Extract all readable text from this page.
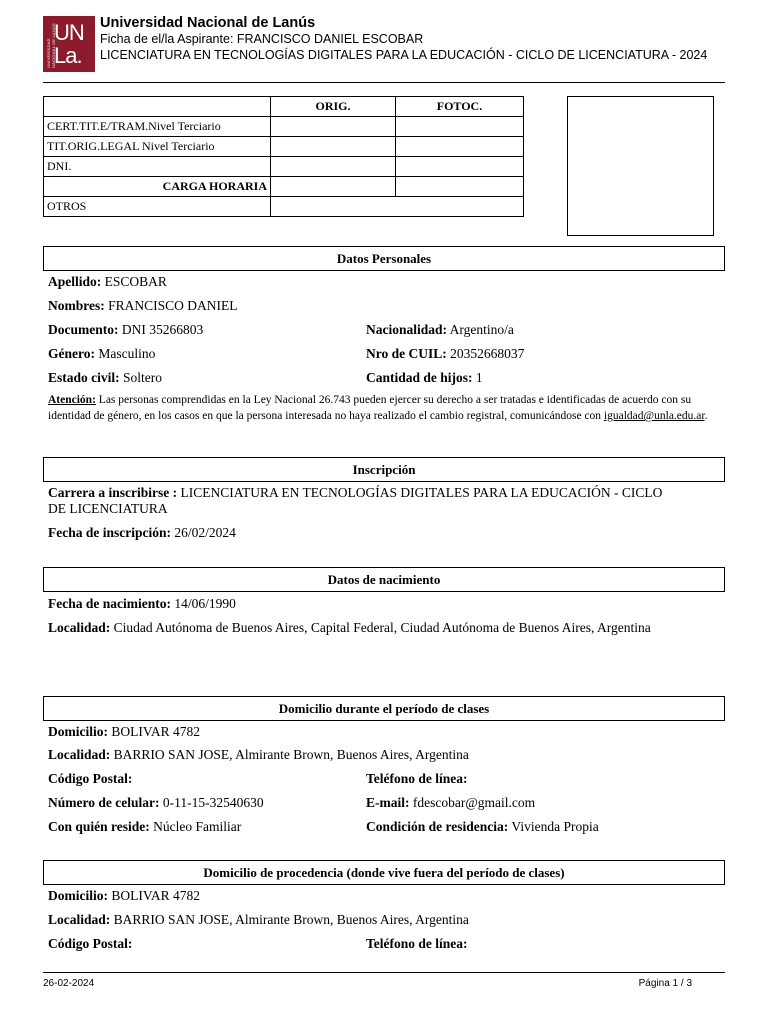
UNIVERSIDAD NACIONAL DE LANÚS
UN
La.
Universidad Nacional de Lanús
Ficha de el/la Aspirante: FRANCISCO DANIEL ESCOBAR
LICENCIATURA EN TECNOLOGÍAS DIGITALES PARA LA EDUCACIÓN - CICLO DE LICENCIATURA - 2024
	ORIG.	FOTOC.
CERT.TIT.E/TRAM.Nivel Terciario		
TIT.ORIG.LEGAL Nivel Terciario		
DNI.		
CARGA HORARIA		
OTROS		
Datos Personales
Apellido: ESCOBAR
Nombres: FRANCISCO DANIEL
Documento: DNI 35266803	Nacionalidad: Argentino/a
Género: Masculino	Nro de CUIL: 20352668037
Estado civil: Soltero	Cantidad de hijos: 1
Atención: Las personas comprendidas en la Ley Nacional 26.743 pueden ejercer su derecho a ser tratadas e identificadas de acuerdo con su identidad de género, en los casos en que la persona interesada no haya realizado el cambio registral, comunicándose con igualdad@unla.edu.ar.
Inscripción
Carrera a inscribirse : LICENCIATURA EN TECNOLOGÍAS DIGITALES PARA LA EDUCACIÓN - CICLO DE LICENCIATURA
Fecha de inscripción: 26/02/2024
Datos de nacimiento
Fecha de nacimiento: 14/06/1990
Localidad: Ciudad Autónoma de Buenos Aires, Capital Federal, Ciudad Autónoma de Buenos Aires, Argentina
Domicilio durante el período de clases
Domicilio: BOLIVAR 4782
Localidad: BARRIO SAN JOSE, Almirante Brown, Buenos Aires, Argentina
Código Postal:	Teléfono de línea:
Número de celular: 0-11-15-32540630	E-mail: fdescobar@gmail.com
Con quién reside: Núcleo Familiar	Condición de residencia: Vivienda Propia
Domicilio de procedencia (donde vive fuera del período de clases)
Domicilio: BOLIVAR 4782
Localidad: BARRIO SAN JOSE, Almirante Brown, Buenos Aires, Argentina
Código Postal:	Teléfono de línea:
26-02-2024	Página 1 / 3
